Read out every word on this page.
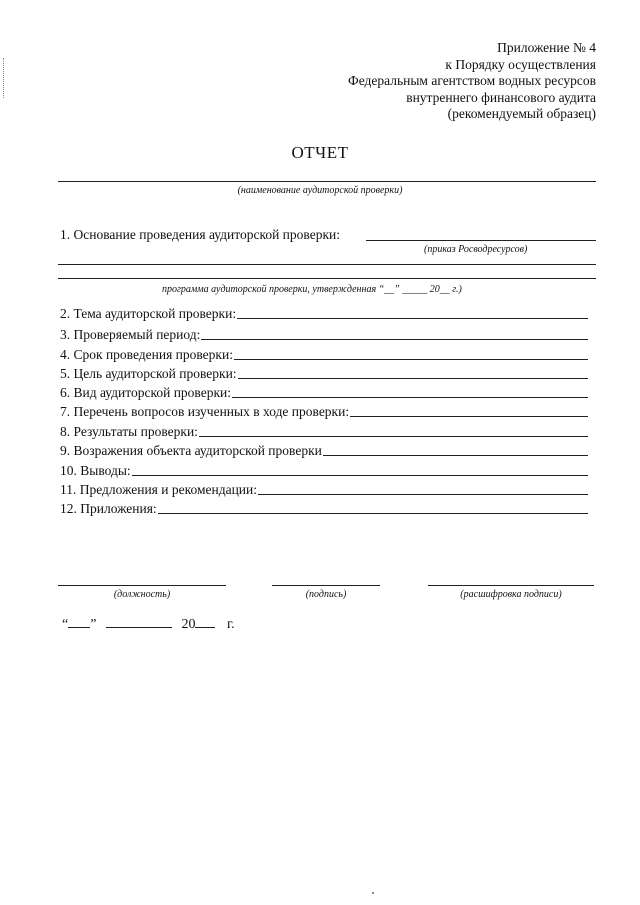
Приложение № 4
к Порядку осуществления
Федеральным агентством водных ресурсов
внутреннего финансового аудита
(рекомендуемый образец)
ОТЧЕТ
(наименование аудиторской проверки)
1. Основание проведения аудиторской проверки:
(приказ Росводресурсов)
программа аудиторской проверки, утвержденная “__” _____ 20__ г.)
2. Тема аудиторской проверки:
3. Проверяемый период:
4. Срок проведения проверки:
5. Цель аудиторской проверки:
6. Вид аудиторской проверки:
7. Перечень вопросов изученных в ходе проверки:
8. Результаты проверки:
9. Возражения объекта аудиторской проверки
10. Выводы:
11. Предложения и рекомендации:
12. Приложения:
(должность)	(подпись)	(расшифровка подписи)
“ ”	20 г.
